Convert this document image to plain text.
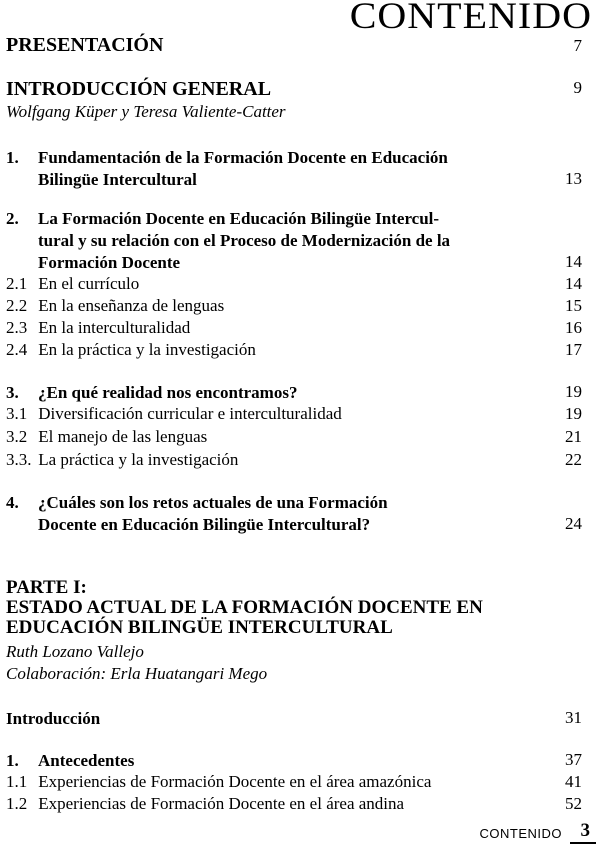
CONTENIDO
PRESENTACIÓN	7
INTRODUCCIÓN GENERAL	9
Wolfgang Küper y Teresa Valiente-Catter
1. Fundamentación de la Formación Docente en Educación
Bilingüe Intercultural	13
2. La Formación Docente en Educación Bilingüe Intercul-
tural y su relación con el Proceso de Modernización de la
Formación Docente	14
2.1 En el currículo	14
2.2 En la enseñanza de lenguas	15
2.3 En la interculturalidad	16
2.4 En la práctica y la investigación	17
3. ¿En qué realidad nos encontramos?	19
3.1 Diversificación curricular e interculturalidad	19
3.2 El manejo de las lenguas	21
3.3. La práctica y la investigación	22
4. ¿Cuáles son los retos actuales de una Formación
Docente en Educación Bilingüe Intercultural?	24
PARTE I:
ESTADO ACTUAL DE LA FORMACIÓN DOCENTE EN
EDUCACIÓN BILINGÜE INTERCULTURAL
Ruth Lozano Vallejo
Colaboración: Erla Huatangari Mego
Introducción	31
1. Antecedentes	37
1.1 Experiencias de Formación Docente en el área amazónica	41
1.2 Experiencias de Formación Docente en el área andina	52
CONTENIDO 3
